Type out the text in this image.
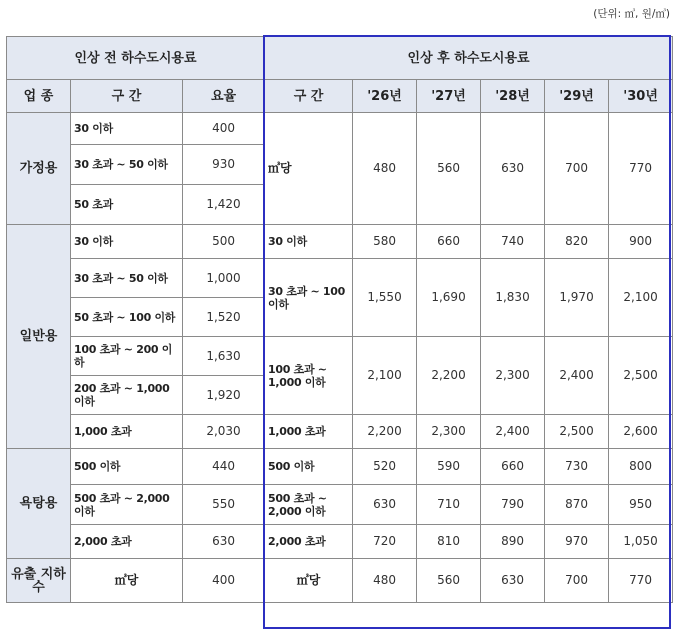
(단위: ㎥, 원/㎥)
인상 전 하수도시용료			인상 후 하수도시용료					
업 종	구 간	요율	구 간	'26년	'27년	'28년	'29년	'30년
가정용	30 이하	400	㎥당	480	560	630	700	770
	30 초과 ~ 50 이하	930						
	50 초과	1,420						
일반용	30 이하	500	30 이하	580	660	740	820	900
	30 초과 ~ 50 이하	1,000	30 초과 ~ 100 이하	1,550	1,690	1,830	1,970	2,100
	50 초과 ~ 100 이하	1,520						
	100 초과 ~ 200 이하	1,630	100 초과 ~ 1,000 이하	2,100	2,200	2,300	2,400	2,500
	200 초과 ~ 1,000 이하	1,920						
	1,000 초과	2,030	1,000 초과	2,200	2,300	2,400	2,500	2,600
욕탕용	500 이하	440	500 이하	520	590	660	730	800
	500 초과 ~ 2,000 이하	550	500 초과 ~ 2,000 이하	630	710	790	870	950
	2,000 초과	630	2,000 초과	720	810	890	970	1,050
유출 지하수	㎥당	400	㎥당	480	560	630	700	770
